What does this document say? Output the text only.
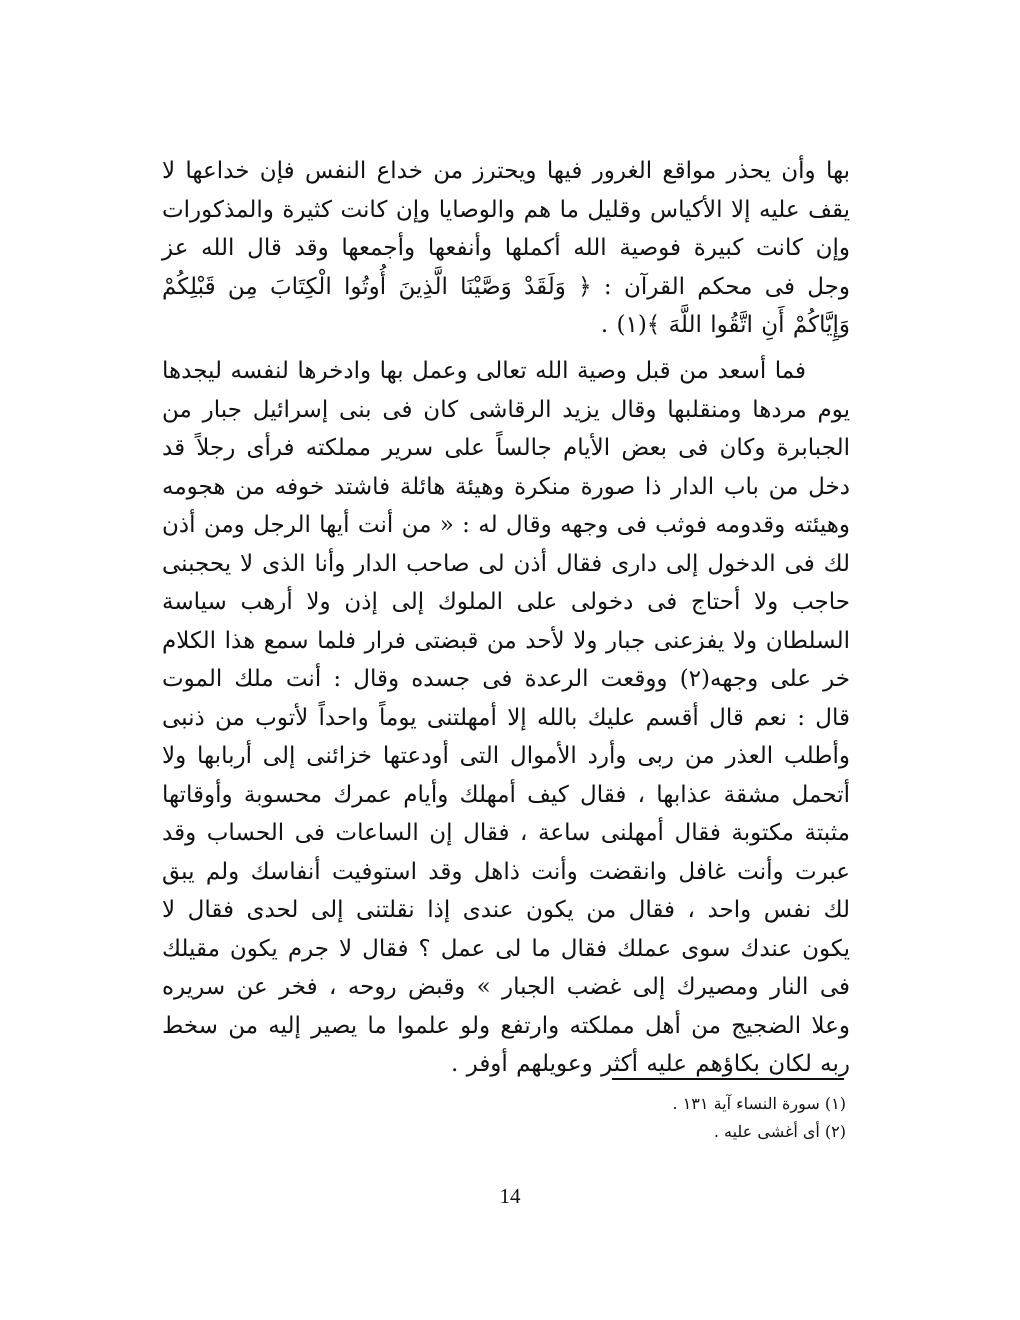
بها وأن يحذر مواقع الغرور فيها ويحترز من خداع النفس فإن خداعها لا يقف عليه إلا الأكياس وقليل ما هم والوصايا وإن كانت كثيرة والمذكورات وإن كانت كبيرة فوصية الله أكملها وأنفعها وأجمعها وقد قال الله عز وجل فى محكم القرآن : ﴿ وَلَقَدْ وَصَّيْنَا الَّذِينَ أُوتُوا الْكِتَابَ مِن قَبْلِكُمْ وَإِيَّاكُمْ أَنِ اتَّقُوا اللَّهَ ﴾(١) .

فما أسعد من قبل وصية الله تعالى وعمل بها وادخرها لنفسه ليجدها يوم مردها ومنقلبها وقال يزيد الرقاشى كان فى بنى إسرائيل جبار من الجبابرة وكان فى بعض الأيام جالساً على سرير مملكته فرأى رجلاً قد دخل من باب الدار ذا صورة منكرة وهيئة هائلة فاشتد خوفه من هجومه وهيئته وقدومه فوثب فى وجهه وقال له : « من أنت أيها الرجل ومن أذن لك فى الدخول إلى دارى فقال أذن لى صاحب الدار وأنا الذى لا يحجبنى حاجب ولا أحتاج فى دخولى على الملوك إلى إذن ولا أرهب سياسة السلطان ولا يفزعنى جبار ولا لأحد من قبضتى فرار فلما سمع هذا الكلام خر على وجهه(٢) ووقعت الرعدة فى جسده وقال : أنت ملك الموت قال : نعم قال أقسم عليك بالله إلا أمهلتنى يوماً واحداً لأتوب من ذنبى وأطلب العذر من ربى وأرد الأموال التى أودعتها خزائنى إلى أربابها ولا أتحمل مشقة عذابها ، فقال كيف أمهلك وأيام عمرك محسوبة وأوقاتها مثبتة مكتوبة فقال أمهلنى ساعة ، فقال إن الساعات فى الحساب وقد عبرت وأنت غافل وانقضت وأنت ذاهل وقد استوفيت أنفاسك ولم يبق لك نفس واحد ، فقال من يكون عندى إذا نقلتنى إلى لحدى فقال لا يكون عندك سوى عملك فقال ما لى عمل ؟ فقال لا جرم يكون مقيلك فى النار ومصيرك إلى غضب الجبار » وقبض روحه ، فخر عن سريره وعلا الضجيج من أهل مملكته وارتفع ولو علموا ما يصير إليه من سخط ربه لكان بكاؤهم عليه أكثر وعويلهم أوفر .

(١) سورة النساء آية ١٣١ .
(٢) أى أغشى عليه .
14
